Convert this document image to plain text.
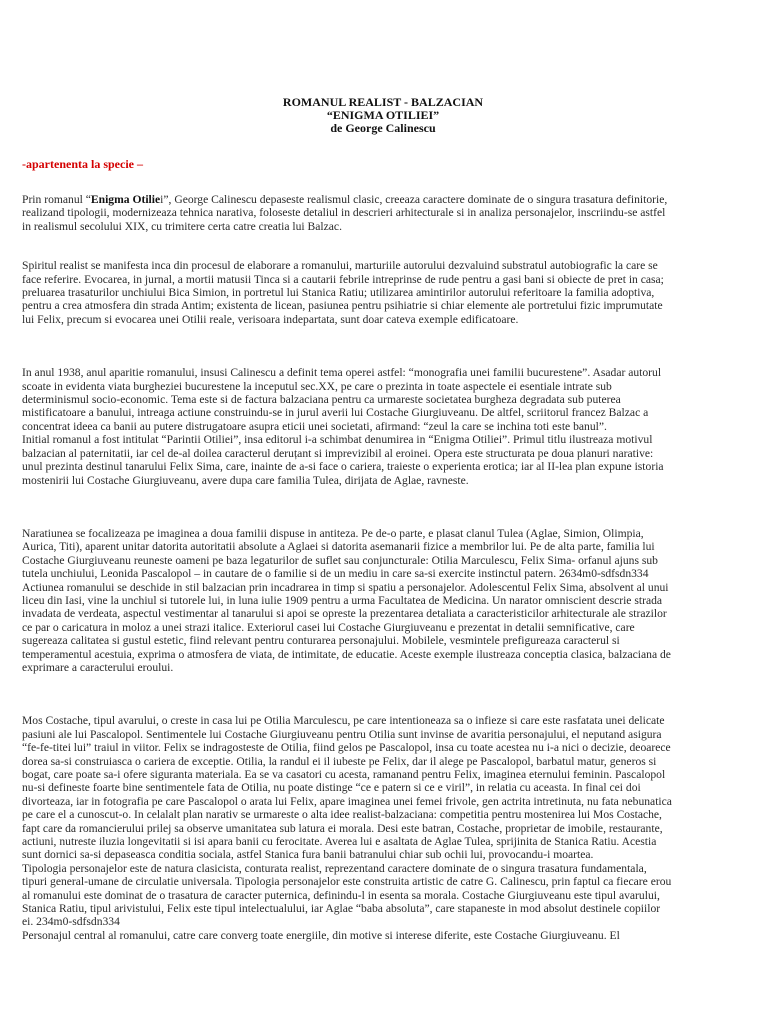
ROMANUL REALIST - BALZACIAN
“ENIGMA OTILIEI”
de George Calinescu
-apartenenta la specie –
Prin romanul “Enigma Otiliei”, George Calinescu depaseste realismul clasic, creeaza caractere dominate de o singura trasatura definitorie,
realizand tipologii, modernizeaza tehnica narativa, foloseste detaliul in descrieri arhitecturale si in analiza personajelor, inscriindu-se astfel
in realismul secolului XIX, cu trimitere certa catre creatia lui Balzac.
Spiritul realist se manifesta inca din procesul de elaborare a romanului, marturiile autorului dezvaluind substratul autobiografic la care se
face referire. Evocarea, in jurnal, a mortii matusii Tinca si a cautarii febrile intreprinse de rude pentru a gasi bani si obiecte de pret in casa;
preluarea trasaturilor unchiului Bica Simion, in portretul lui Stanica Ratiu; utilizarea amintirilor autorului referitoare la familia adoptiva,
pentru a crea atmosfera din strada Antim; existenta de licean, pasiunea pentru psihiatrie si chiar elemente ale portretului fizic imprumutate
lui Felix, precum si evocarea unei Otilii reale, verisoara indepartata, sunt doar cateva exemple edificatoare.
In anul 1938, anul aparitie romanului, insusi Calinescu a definit tema operei astfel: “monografia unei familii bucurestene”. Asadar autorul
scoate in evidenta viata burgheziei bucurestene la inceputul sec.XX, pe care o prezinta in toate aspectele ei esentiale intrate sub
determinismul socio-economic. Tema este si de factura balzaciana pentru ca urmareste societatea burgheza degradata sub puterea
mistificatoare a banului, intreaga actiune construindu-se in jurul averii lui Costache Giurgiuveanu. De altfel, scriitorul francez Balzac a
concentrat ideea ca banii au putere distrugatoare asupra eticii unei societati, afirmand: “zeul la care se inchina toti este banul”.
Initial romanul a fost intitulat “Parintii Otiliei”, insa editorul i-a schimbat denumirea in “Enigma Otiliei”. Primul titlu ilustreaza motivul
balzacian al paternitatii, iar cel de-al doilea caracterul deruțant si imprevizibil al eroinei. Opera este structurata pe doua planuri narative:
unul prezinta destinul tanarului Felix Sima, care, inainte de a-si face o cariera, traieste o experienta erotica; iar al II-lea plan expune istoria
mostenirii lui Costache Giurgiuveanu, avere dupa care familia Tulea, dirijata de Aglae, ravneste.
Naratiunea se focalizeaza pe imaginea a doua familii dispuse in antiteza. Pe de-o parte, e plasat clanul Tulea (Aglae, Simion, Olimpia,
Aurica, Titi), aparent unitar datorita autoritatii absolute a Aglaei si datorita asemanarii fizice a membrilor lui. Pe de alta parte, familia lui
Costache Giurgiuveanu reuneste oameni pe baza legaturilor de suflet sau conjuncturale: Otilia Marculescu, Felix Sima- orfanul ajuns sub
tutela unchiului, Leonida Pascalopol – in cautare de o familie si de un mediu in care sa-si exercite instinctul patern. 2634m0-sdfsdn334
Actiunea romanului se deschide in stil balzacian prin incadrarea in timp si spatiu a personajelor. Adolescentul Felix Sima, absolvent al unui
liceu din Iasi, vine la unchiul si tutorele lui, in luna iulie 1909 pentru a urma Facultatea de Medicina. Un narator omniscient descrie strada
invadata de verdeata, aspectul vestimentar al tanarului si apoi se opreste la prezentarea detaliata a caracteristicilor arhitecturale ale strazilor
ce par o caricatura in moloz a unei strazi italice. Exteriorul casei lui Costache Giurgiuveanu e prezentat in detalii semnificative, care
sugereaza calitatea si gustul estetic, fiind relevant pentru conturarea personajului. Mobilele, vesmintele prefigureaza caracterul si
temperamentul acestuia, exprima o atmosfera de viata, de intimitate, de educatie. Aceste exemple ilustreaza conceptia clasica, balzaciana de
exprimare a caracterului eroului.
Mos Costache, tipul avarului, o creste in casa lui pe Otilia Marculescu, pe care intentioneaza sa o infieze si care este rasfatata unei delicate
pasiuni ale lui Pascalopol. Sentimentele lui Costache Giurgiuveanu pentru Otilia sunt invinse de avaritia personajului, el neputand asigura
“fe-fe-titei lui” traiul in viitor. Felix se indragosteste de Otilia, fiind gelos pe Pascalopol, insa cu toate acestea nu i-a nici o decizie, deoarece
dorea sa-si construiasca o cariera de exceptie. Otilia, la randul ei il iubeste pe Felix, dar il alege pe Pascalopol, barbatul matur, generos si
bogat, care poate sa-i ofere siguranta materiala. Ea se va casatori cu acesta, ramanand pentru Felix, imaginea eternului feminin. Pascalopol
nu-si defineste foarte bine sentimentele fata de Otilia, nu poate distinge “ce e patern si ce e viril”, in relatia cu aceasta. In final cei doi
divorteaza, iar in fotografia pe care Pascalopol o arata lui Felix, apare imaginea unei femei frivole, gen actrita intretinuta, nu fata nebunatica
pe care el a cunoscut-o. In celalalt plan narativ se urmareste o alta idee realist-balzaciana: competitia pentru mostenirea lui Mos Costache,
fapt care da romancierului prilej sa observe umanitatea sub latura ei morala. Desi este batran, Costache, proprietar de imobile, restaurante,
actiuni, nutreste iluzia longevitatii si isi apara banii cu ferocitate. Averea lui e asaltata de Aglae Tulea, sprijinita de Stanica Ratiu. Acestia
sunt dornici sa-si depaseasca conditia sociala, astfel Stanica fura banii batranului chiar sub ochii lui, provocandu-i moartea.
Tipologia personajelor este de natura clasicista, conturata realist, reprezentand caractere dominate de o singura trasatura fundamentala,
tipuri general-umane de circulatie universala. Tipologia personajelor este construita artistic de catre G. Calinescu, prin faptul ca fiecare erou
al romanului este dominat de o trasatura de caracter puternica, definindu-l in esenta sa morala. Costache Giurgiuveanu este tipul avarului,
Stanica Ratiu, tipul arivistului, Felix este tipul intelectualului, iar Aglae “baba absoluta”, care stapaneste in mod absolut destinele copiilor
ei. 234m0-sdfsdn334
Personajul central al romanului, catre care converg toate energiile, din motive si interese diferite, este Costache Giurgiuveanu. El
